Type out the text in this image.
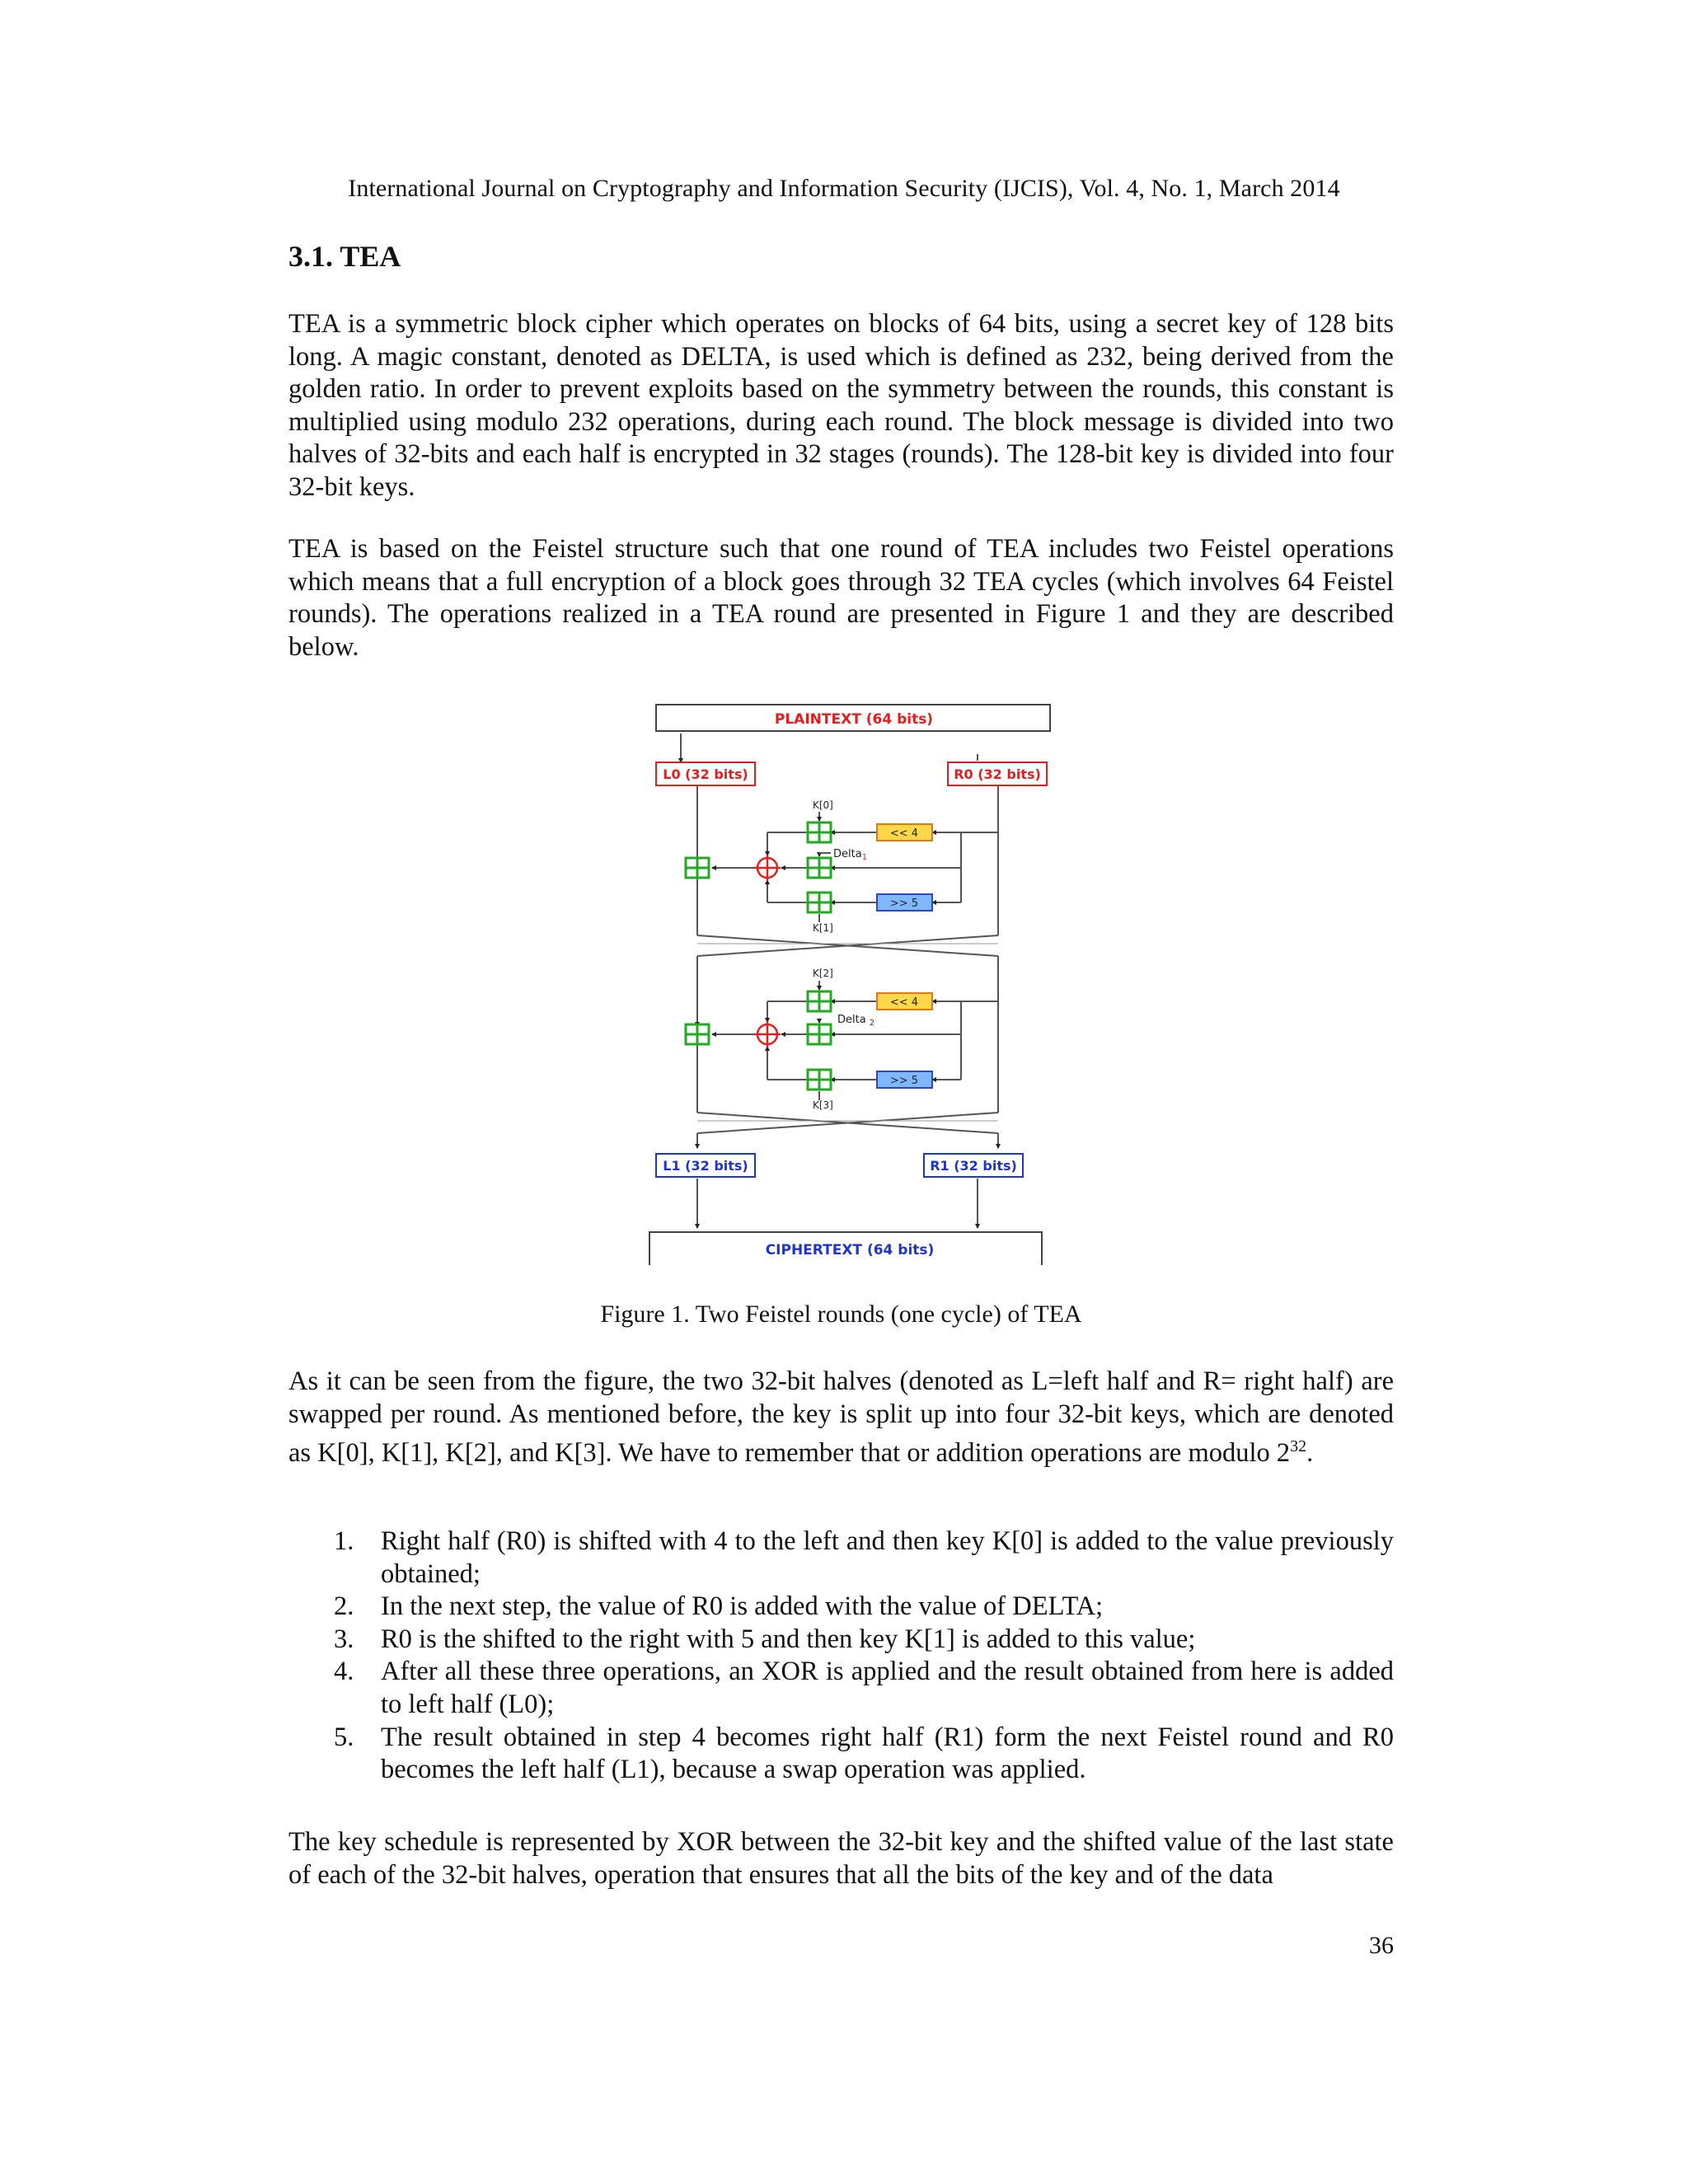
International Journal on Cryptography and Information Security (IJCIS), Vol. 4, No. 1, March 2014
3.1. TEA

TEA is a symmetric block cipher which operates on blocks of 64 bits, using a secret key of 128 bits long. A magic constant, denoted as DELTA, is used which is defined as 232, being derived from the golden ratio. In order to prevent exploits based on the symmetry between the rounds, this constant is multiplied using modulo 232 operations, during each round. The block message is divided into two halves of 32-bits and each half is encrypted in 32 stages (rounds). The 128-bit key is divided into four 32-bit keys.

TEA is based on the Feistel structure such that one round of TEA includes two Feistel operations which means that a full encryption of a block goes through 32 TEA cycles (which involves 64 Feistel rounds). The operations realized in a TEA round are presented in Figure 1 and they are described below.

PLAINTEXT (64 bits)
L0 (32 bits)	R0 (32 bits)
K[0]
<< 4
Delta$_1$
>> 5
K[1]
K[2]
<< 4
Delta $_2$
>> 5
K[3]
L1 (32 bits)	R1 (32 bits)
CIPHERTEXT (64 bits)
Figure 1. Two Feistel rounds (one cycle) of TEA

As it can be seen from the figure, the two 32-bit halves (denoted as L=left half and R= right half) are swapped per round. As mentioned before, the key is split up into four 32-bit keys, which are denoted as K[0], K[1], K[2], and K[3]. We have to remember that or addition operations are modulo $2^{32}$.

1. Right half (R0) is shifted with 4 to the left and then key K[0] is added to the value previously obtained;
2. In the next step, the value of R0 is added with the value of DELTA;
3. R0 is the shifted to the right with 5 and then key K[1] is added to this value;
4. After all these three operations, an XOR is applied and the result obtained from here is added to left half (L0);
5. The result obtained in step 4 becomes right half (R1) form the next Feistel round and R0 becomes the left half (L1), because a swap operation was applied.

The key schedule is represented by XOR between the 32-bit key and the shifted value of the last state of each of the 32-bit halves, operation that ensures that all the bits of the key and of the data

36
